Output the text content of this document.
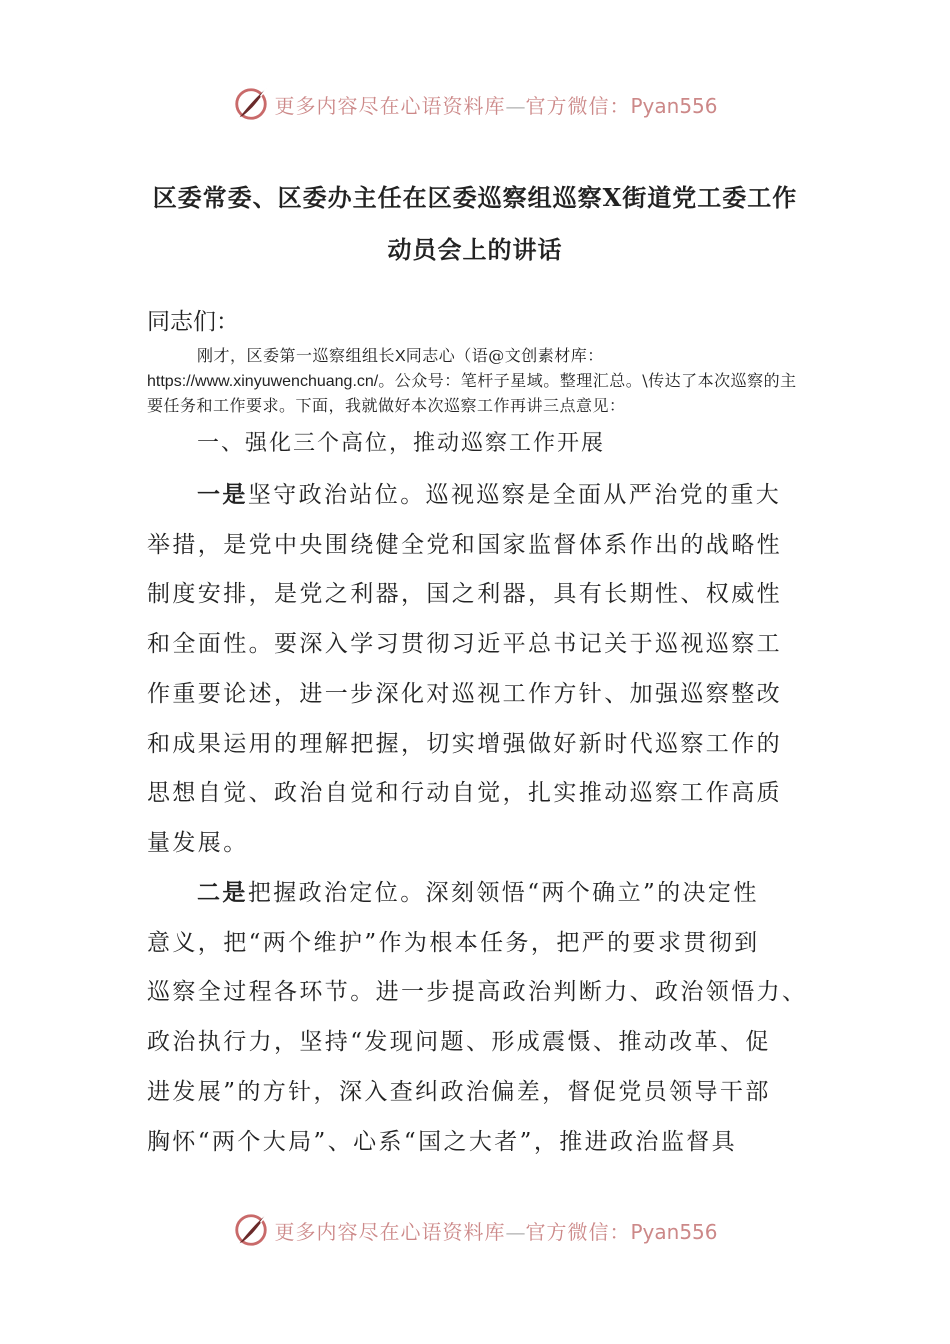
更多内容尽在心语资料库—官方微信：Pyan556
区委常委、区委办主任在区委巡察组巡察X街道党工委工作
动员会上的讲话
同志们：
刚才，区委第一巡察组组长X同志心（语@文创素材库：https://www.xinyuwenchuang.cn/。公众号：笔杆子星域。整理汇总。\传达了本次巡察的主要任务和工作要求。下面，我就做好本次巡察工作再讲三点意见：
一、强化三个高位，推动巡察工作开展
一是坚守政治站位。巡视巡察是全面从严治党的重大
举措，是党中央围绕健全党和国家监督体系作出的战略性
制度安排，是党之利器，国之利器，具有长期性、权威性
和全面性。要深入学习贯彻习近平总书记关于巡视巡察工
作重要论述，进一步深化对巡视工作方针、加强巡察整改
和成果运用的理解把握，切实增强做好新时代巡察工作的
思想自觉、政治自觉和行动自觉，扎实推动巡察工作高质
量发展。
二是把握政治定位。深刻领悟“两个确立”的决定性
意义，把“两个维护”作为根本任务，把严的要求贯彻到
巡察全过程各环节。进一步提高政治判断力、政治领悟力、
政治执行力，坚持“发现问题、形成震慑、推动改革、促
进发展”的方针，深入查纠政治偏差，督促党员领导干部
胸怀“两个大局”、心系“国之大者”，推进政治监督具
更多内容尽在心语资料库—官方微信：Pyan556
